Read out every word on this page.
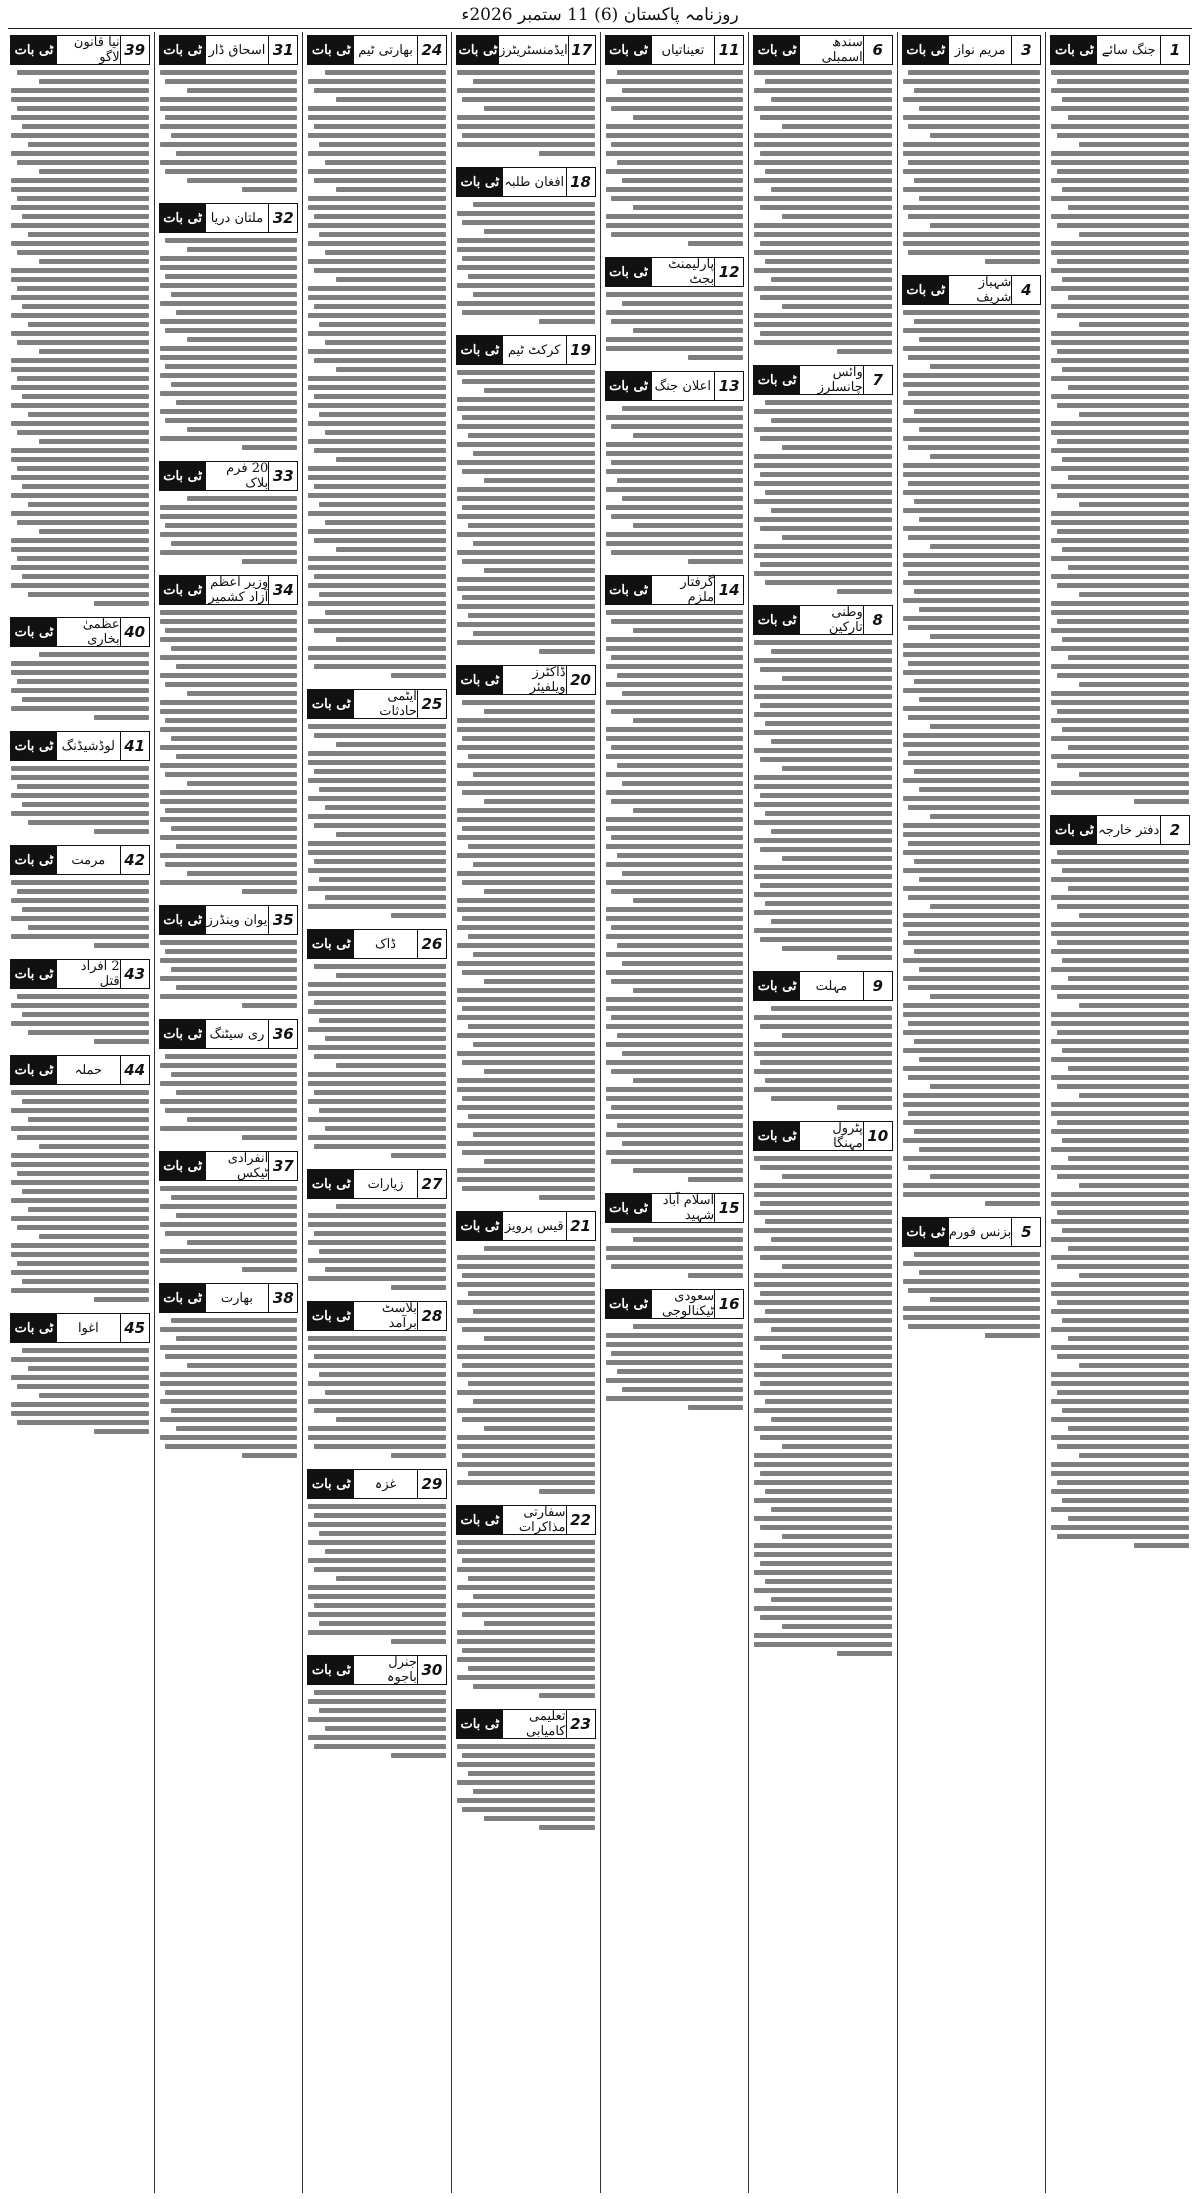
روزنامہ پاکستان (6) 11 ستمبر 2026ء
1
جنگ سائے
ٹی بات
2
دفتر خارجہ
ٹی بات
3
مریم نواز
ٹی بات
4
شہباز شریف
ٹی بات
5
بزنس فورم
ٹی بات
6
سندھ اسمبلی
ٹی بات
7
وائس چانسلرز
ٹی بات
8
وطنی تارکین
ٹی بات
9
مہلت
ٹی بات
10
پٹرول مہنگا
ٹی بات
11
تعیناتیاں
ٹی بات
12
پارلیمنٹ بجٹ
ٹی بات
13
اعلان جنگ
ٹی بات
14
گرفتار ملزم
ٹی بات
15
اسلام آباد شہید
ٹی بات
16
سعودی ٹیکنالوجی
ٹی بات
17
ایڈمنسٹریٹرز
ٹی بات
18
افغان طلبہ
ٹی بات
19
کرکٹ ٹیم
ٹی بات
20
ڈاکٹرز ویلفیئر
ٹی بات
21
قیس پرویز
ٹی بات
22
سفارتی مذاکرات
ٹی بات
23
تعلیمی کامیابی
ٹی بات
24
بھارتی ٹیم
ٹی بات
25
ایٹمی حادثات
ٹی بات
26
ڈاک
ٹی بات
27
زیارات
ٹی بات
28
بلاسٹ برآمد
ٹی بات
29
غزہ
ٹی بات
30
جنرل باجوہ
ٹی بات
31
اسحاق ڈار
ٹی بات
32
ملتان دریا
ٹی بات
33
20 فرم بلاک
ٹی بات
34
وزیر اعظم آزاد کشمیر
ٹی بات
35
یوان وینڈرز
ٹی بات
36
ری سیٹنگ
ٹی بات
37
انفرادی ٹیکس
ٹی بات
38
بھارت
ٹی بات
39
نیا قانون لاگو
ٹی بات
40
عظمیٰ بخاری
ٹی بات
41
لوڈشیڈنگ
ٹی بات
42
مرمت
ٹی بات
43
2 افراد قتل
ٹی بات
44
حملہ
ٹی بات
45
اغوا
ٹی بات
